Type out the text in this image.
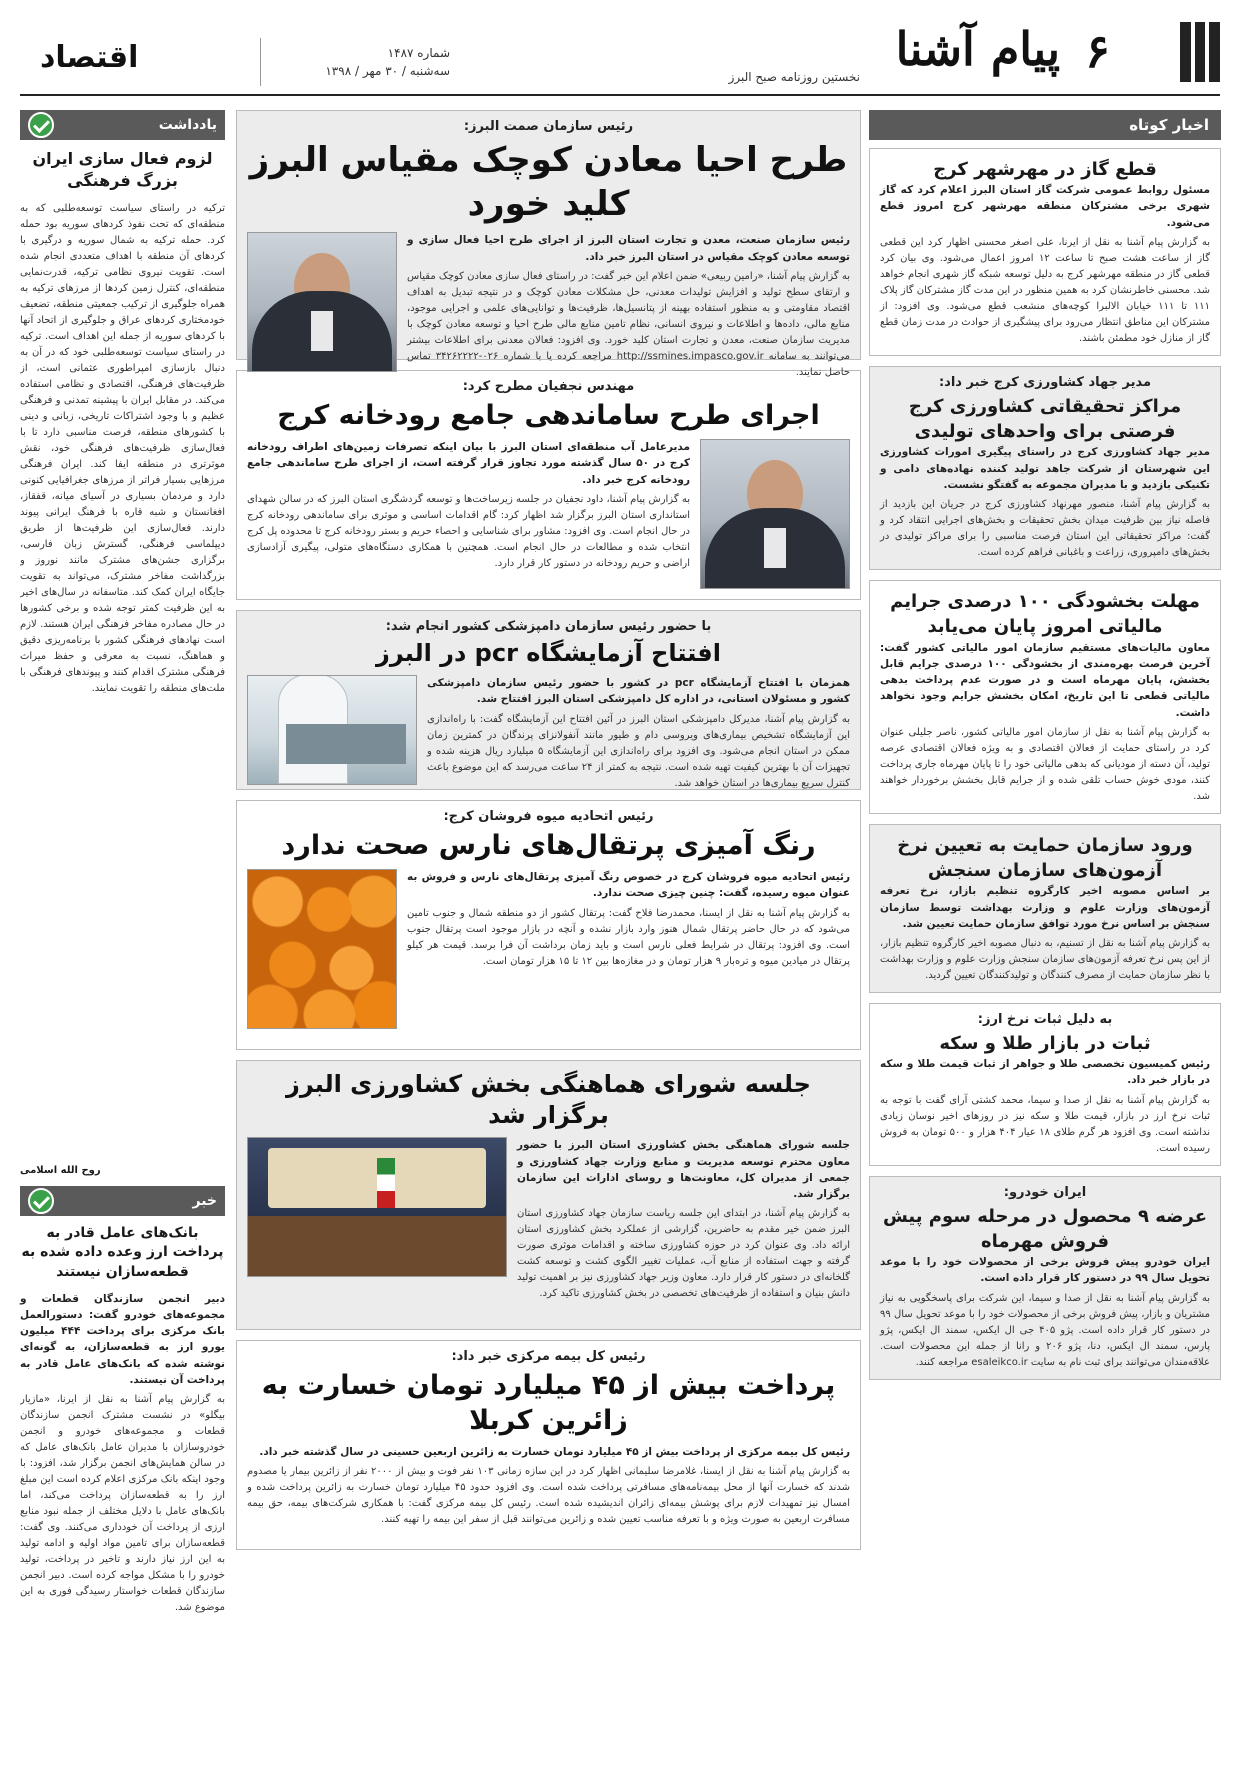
۶
پیام آشنا
نخستین روزنامه صبح البرز
شماره ۱۴۸۷
سه‌شنبه / ۳۰ مهر / ۱۳۹۸
اقتصاد
اخبار کوتاه
قطع گاز در مهرشهر کرج
مسئول روابط عمومی شرکت گاز استان البرز اعلام کرد که گاز شهری برخی مشترکان منطقه مهرشهر کرج امروز قطع می‌شود.
به گزارش پیام آشنا به نقل از ایرنا، علی اصغر محسنی اظهار کرد این قطعی گاز از ساعت هشت صبح تا ساعت ۱۲ امروز اعمال می‌شود. وی بیان کرد قطعی گاز در منطقه مهرشهر کرج به دلیل توسعه شبکه گاز شهری انجام خواهد شد. محسنی خاطرنشان کرد به همین منظور در این مدت گاز مشترکان گاز پلاک ۱۱۱ تا ۱۱۱ خیابان الالبرا کوچه‌های منشعب قطع می‌شود. وی افزود: از مشترکان این مناطق انتظار می‌رود برای پیشگیری از حوادث در مدت زمان قطع گاز از منازل خود مطمئن باشند.
مدیر جهاد کشاورزی کرج خبر داد:
مراکز تحقیقاتی کشاورزی کرج فرصتی برای واحدهای تولیدی
مدیر جهاد کشاورزی کرج در راستای پیگیری امورات کشاورزی این شهرستان از شرکت جاهد تولید کننده نهاده‌های دامی و تکنیکی بازدید و با مدیران مجموعه به گفتگو نشست.
به گزارش پیام آشنا، منصور مهرنهاد کشاورزی کرج در جریان این بازدید از فاصله نیاز بین ظرفیت میدان بخش تحقیقات و بخش‌های اجرایی انتقاد کرد و گفت: مراکز تحقیقاتی این استان فرصت مناسبی را برای مراکز تولیدی در بخش‌های دامپروری، زراعت و باغبانی فراهم کرده است.
مهلت بخشودگی ۱۰۰ درصدی جرایم مالیاتی امروز پایان می‌یابد
معاون مالیات‌های مستقیم سازمان امور مالیاتی کشور گفت: آخرین فرصت بهره‌مندی از بخشودگی ۱۰۰ درصدی جرایم قابل بخشش، پایان مهرماه است و در صورت عدم پرداخت بدهی مالیاتی قطعی تا این تاریخ، امکان بخشش جرایم وجود نخواهد داشت.
به گزارش پیام آشنا به نقل از سازمان امور مالیاتی کشور، ناصر جلیلی عنوان کرد در راستای حمایت از فعالان اقتصادی و به ویژه فعالان اقتصادی عرصه تولید، آن دسته از مودیانی که بدهی مالیاتی خود را تا پایان مهرماه جاری پرداخت کنند، مودی خوش حساب تلقی شده و از جرایم قابل بخشش برخوردار خواهند شد.
ورود سازمان حمایت به تعیین نرخ آزمون‌های سازمان سنجش
بر اساس مصوبه اخیر کارگروه تنظیم بازار، نرخ تعرفه آزمون‌های وزارت علوم و وزارت بهداشت توسط سازمان سنجش بر اساس نرخ مورد توافق سازمان حمایت تعیین شد.
به گزارش پیام آشنا به نقل از تسنیم، به دنبال مصوبه اخیر کارگروه تنظیم بازار، از این پس نرخ تعرفه آزمون‌های سازمان سنجش وزارت علوم و وزارت بهداشت با نظر سازمان حمایت از مصرف کنندگان و تولیدکنندگان تعیین گردید.
به دلیل ثبات نرخ ارز:
ثبات در بازار طلا و سکه
رئیس کمیسیون تخصصی طلا و جواهر از ثبات قیمت طلا و سکه در بازار خبر داد.
به گزارش پیام آشنا به نقل از صدا و سیما، محمد کشتی آرای گفت با توجه به ثبات نرخ ارز در بازار، قیمت طلا و سکه نیز در روزهای اخیر نوسان زیادی نداشته است. وی افزود هر گرم طلای ۱۸ عیار ۴۰۴ هزار و ۵۰۰ تومان به فروش رسیده است.
ایران خودرو:
عرضه ۹ محصول در مرحله سوم پیش فروش مهرماه
ایران خودرو پیش فروش برخی از محصولات خود را با موعد تحویل سال ۹۹ در دستور کار قرار داده است.
به گزارش پیام آشنا به نقل از صدا و سیما، این شرکت برای پاسخگویی به نیاز مشتریان و بازار، پیش فروش برخی از محصولات خود را با موعد تحویل سال ۹۹ در دستور کار قرار داده است. پژو ۴۰۵ جی ال ایکس، سمند ال ایکس، پژو پارس، سمند ال ایکس، دنا، پژو ۲۰۶ و رانا از جمله این محصولات است. علاقه‌مندان می‌توانند برای ثبت نام به سایت esaleikco.ir مراجعه کنند.
رئیس سازمان صمت البرز:
طرح احیا معادن کوچک مقیاس البرز کلید خورد
رئیس سازمان صنعت، معدن و تجارت استان البرز از اجرای طرح احیا فعال سازی و توسعه معادن کوچک مقیاس در استان البرز خبر داد.
به گزارش پیام آشنا، «رامین ربیعی» ضمن اعلام این خبر گفت: در راستای فعال سازی معادن کوچک مقیاس و ارتقای سطح تولید و افزایش تولیدات معدنی، حل مشکلات معادن کوچک و در نتیجه تبدیل به اهداف اقتصاد مقاومتی و به منظور استفاده بهینه از پتانسیل‌ها، ظرفیت‌ها و توانایی‌های علمی و اجرایی موجود، منابع مالی، داده‌ها و اطلاعات و نیروی انسانی، نظام تامین منابع مالی طرح احیا و توسعه معادن کوچک با مدیریت سازمان صنعت، معدن و تجارت استان کلید خورد. وی افزود: فعالان معدنی برای اطلاعات بیشتر می‌توانند به سامانه http://ssmines.impasco.gov.ir مراجعه کرده یا با شماره ۰۲۶-۳۴۲۶۲۲۲۲ تماس حاصل نمایند.
مهندس نجفیان مطرح کرد:
اجرای طرح ساماندهی جامع رودخانه کرج
مدیرعامل آب منطقه‌ای استان البرز با بیان اینکه تصرفات زمین‌های اطراف رودخانه کرج در ۵۰ سال گذشته مورد تجاوز قرار گرفته است، از اجرای طرح ساماندهی جامع رودخانه کرج خبر داد.
به گزارش پیام آشنا، داود نجفیان در جلسه زیرساخت‌ها و توسعه گردشگری استان البرز که در سالن شهدای استانداری استان البرز برگزار شد اظهار کرد: گام اقدامات اساسی و موثری برای ساماندهی رودخانه کرج در حال انجام است. وی افزود: مشاور برای شناسایی و احصاء حریم و بستر رودخانه کرج تا محدوده پل کرج انتخاب شده و مطالعات در حال انجام است. همچنین با همکاری دستگاه‌های متولی، پیگیری آزادسازی اراضی و حریم رودخانه در دستور کار قرار دارد.
با حضور رئیس سازمان دامپزشکی کشور انجام شد:
افتتاح آزمایشگاه pcr در البرز
همزمان با افتتاح آزمایشگاه pcr در کشور با حضور رئیس سازمان دامپزشکی کشور و مسئولان استانی، در اداره کل دامپزشکی استان البرز افتتاح شد.
به گزارش پیام آشنا، مدیرکل دامپزشکی استان البرز در آئین افتتاح این آزمایشگاه گفت: با راه‌اندازی این آزمایشگاه تشخیص بیماری‌های ویروسی دام و طیور مانند آنفولانزای پرندگان در کمترین زمان ممکن در استان انجام می‌شود. وی افزود برای راه‌اندازی این آزمایشگاه ۵ میلیارد ریال هزینه شده و تجهیزات آن با بهترین کیفیت تهیه شده است. نتیجه به کمتر از ۲۴ ساعت می‌رسد که این موضوع باعث کنترل سریع بیماری‌ها در استان خواهد شد.
رئیس اتحادیه میوه فروشان کرج:
رنگ آمیزی پرتقال‌های نارس صحت ندارد
رئیس اتحادیه میوه فروشان کرج در خصوص رنگ آمیزی پرتقال‌های نارس و فروش به عنوان میوه رسیده، گفت: چنین چیزی صحت ندارد.
به گزارش پیام آشنا به نقل از ایسنا، محمدرضا فلاح گفت: پرتقال کشور از دو منطقه شمال و جنوب تامین می‌شود که در حال حاضر پرتقال شمال هنوز وارد بازار نشده و آنچه در بازار موجود است پرتقال جنوب است. وی افزود: پرتقال در شرایط فعلی نارس است و باید زمان برداشت آن فرا برسد. قیمت هر کیلو پرتقال در میادین میوه و تره‌بار ۹ هزار تومان و در مغازه‌ها بین ۱۲ تا ۱۵ هزار تومان است.
جلسه شورای هماهنگی بخش کشاورزی البرز برگزار شد
جلسه شورای هماهنگی بخش کشاورزی استان البرز با حضور معاون محترم توسعه مدیریت و منابع وزارت جهاد کشاورزی و جمعی از مدیران کل، معاونت‌ها و روسای ادارات این سازمان برگزار شد.
به گزارش پیام آشنا، در ابتدای این جلسه ریاست سازمان جهاد کشاورزی استان البرز ضمن خیر مقدم به حاضرین، گزارشی از عملکرد بخش کشاورزی استان ارائه داد. وی عنوان کرد در حوزه کشاورزی ساخته و اقدامات موثری صورت گرفته و جهت استفاده از منابع آب، عملیات تغییر الگوی کشت و توسعه کشت گلخانه‌ای در دستور کار قرار دارد. معاون وزیر جهاد کشاورزی نیز بر اهمیت تولید دانش بنیان و استفاده از ظرفیت‌های تخصصی در بخش کشاورزی تاکید کرد.
رئیس کل بیمه مرکزی خبر داد:
پرداخت بیش از ۴۵ میلیارد تومان خسارت به زائرین کربلا
رئیس کل بیمه مرکزی از پرداخت بیش از ۴۵ میلیارد تومان خسارت به زائرین اربعین حسینی در سال گذشته خبر داد.
به گزارش پیام آشنا به نقل از ایسنا، غلامرضا سلیمانی اظهار کرد در این سازه زمانی ۱۰۳ نفر فوت و بیش از ۲۰۰۰ نفر از زائرین بیمار یا مصدوم شدند که خسارت آنها از محل بیمه‌نامه‌های مسافرتی پرداخت شده است. وی افزود حدود ۴۵ میلیارد تومان خسارت به زائرین پرداخت شده و امسال نیز تمهیدات لازم برای پوشش بیمه‌ای زائران اندیشیده شده است. رئیس کل بیمه مرکزی گفت: با همکاری شرکت‌های بیمه، حق بیمه مسافرت اربعین به صورت ویژه و با تعرفه مناسب تعیین شده و زائرین می‌توانند قبل از سفر این بیمه را تهیه کنند.
یادداشت
لزوم فعال سازی ایران بزرگ فرهنگی
ترکیه در راستای سیاست توسعه‌طلبی که به منطقه‌ای که تحت نفوذ کردهای سوریه بود حمله کرد. حمله ترکیه به شمال سوریه و درگیری با کردهای آن منطقه با اهداف متعددی انجام شده است. تقویت نیروی نظامی ترکیه، قدرت‌نمایی منطقه‌ای، کنترل زمین کردها از مرزهای ترکیه به همراه جلوگیری از ترکیب جمعیتی منطقه، تضعیف خودمختاری کردهای عراق و جلوگیری از اتحاد آنها با کردهای سوریه از جمله این اهداف است. ترکیه در راستای سیاست توسعه‌طلبی خود که در آن به دنبال بازسازی امپراطوری عثمانی است، از ظرفیت‌های فرهنگی، اقتصادی و نظامی استفاده می‌کند. در مقابل ایران با پیشینه تمدنی و فرهنگی عظیم و با وجود اشتراکات تاریخی، زبانی و دینی با کشورهای منطقه، فرصت مناسبی دارد تا با فعال‌سازی ظرفیت‌های فرهنگی خود، نقش موثرتری در منطقه ایفا کند. ایران فرهنگی مرزهایی بسیار فراتر از مرزهای جغرافیایی کنونی دارد و مردمان بسیاری در آسیای میانه، قفقاز، افغانستان و شبه قاره با فرهنگ ایرانی پیوند دارند. فعال‌سازی این ظرفیت‌ها از طریق دیپلماسی فرهنگی، گسترش زبان فارسی، برگزاری جشن‌های مشترک مانند نوروز و بزرگداشت مفاخر مشترک، می‌تواند به تقویت جایگاه ایران کمک کند. متاسفانه در سال‌های اخیر به این ظرفیت کمتر توجه شده و برخی کشورها در حال مصادره مفاخر فرهنگی ایران هستند. لازم است نهادهای فرهنگی کشور با برنامه‌ریزی دقیق و هماهنگ، نسبت به معرفی و حفظ میراث فرهنگی مشترک اقدام کنند و پیوندهای فرهنگی با ملت‌های منطقه را تقویت نمایند.
روح الله اسلامی
خبر
بانک‌های عامل قادر به پرداخت ارز وعده داده شده به قطعه‌سازان نیستند
دبیر انجمن سازندگان قطعات و مجموعه‌های خودرو گفت: دستورالعمل بانک مرکزی برای پرداخت ۴۴۴ میلیون یورو ارز به قطعه‌سازان، به گونه‌ای نوشته شده که بانک‌های عامل قادر به پرداخت آن نیستند.
به گزارش پیام آشنا به نقل از ایرنا، «مازیار بیگلو» در نشست مشترک انجمن سازندگان قطعات و مجموعه‌های خودرو و انجمن خودروسازان با مدیران عامل بانک‌های عامل که در سالن همایش‌های انجمن برگزار شد، افزود: با وجود اینکه بانک مرکزی اعلام کرده است این مبلغ ارز را به قطعه‌سازان پرداخت می‌کند، اما بانک‌های عامل با دلایل مختلف از جمله نبود منابع ارزی از پرداخت آن خودداری می‌کنند. وی گفت: قطعه‌سازان برای تامین مواد اولیه و ادامه تولید به این ارز نیاز دارند و تاخیر در پرداخت، تولید خودرو را با مشکل مواجه کرده است. دبیر انجمن سازندگان قطعات خواستار رسیدگی فوری به این موضوع شد.
